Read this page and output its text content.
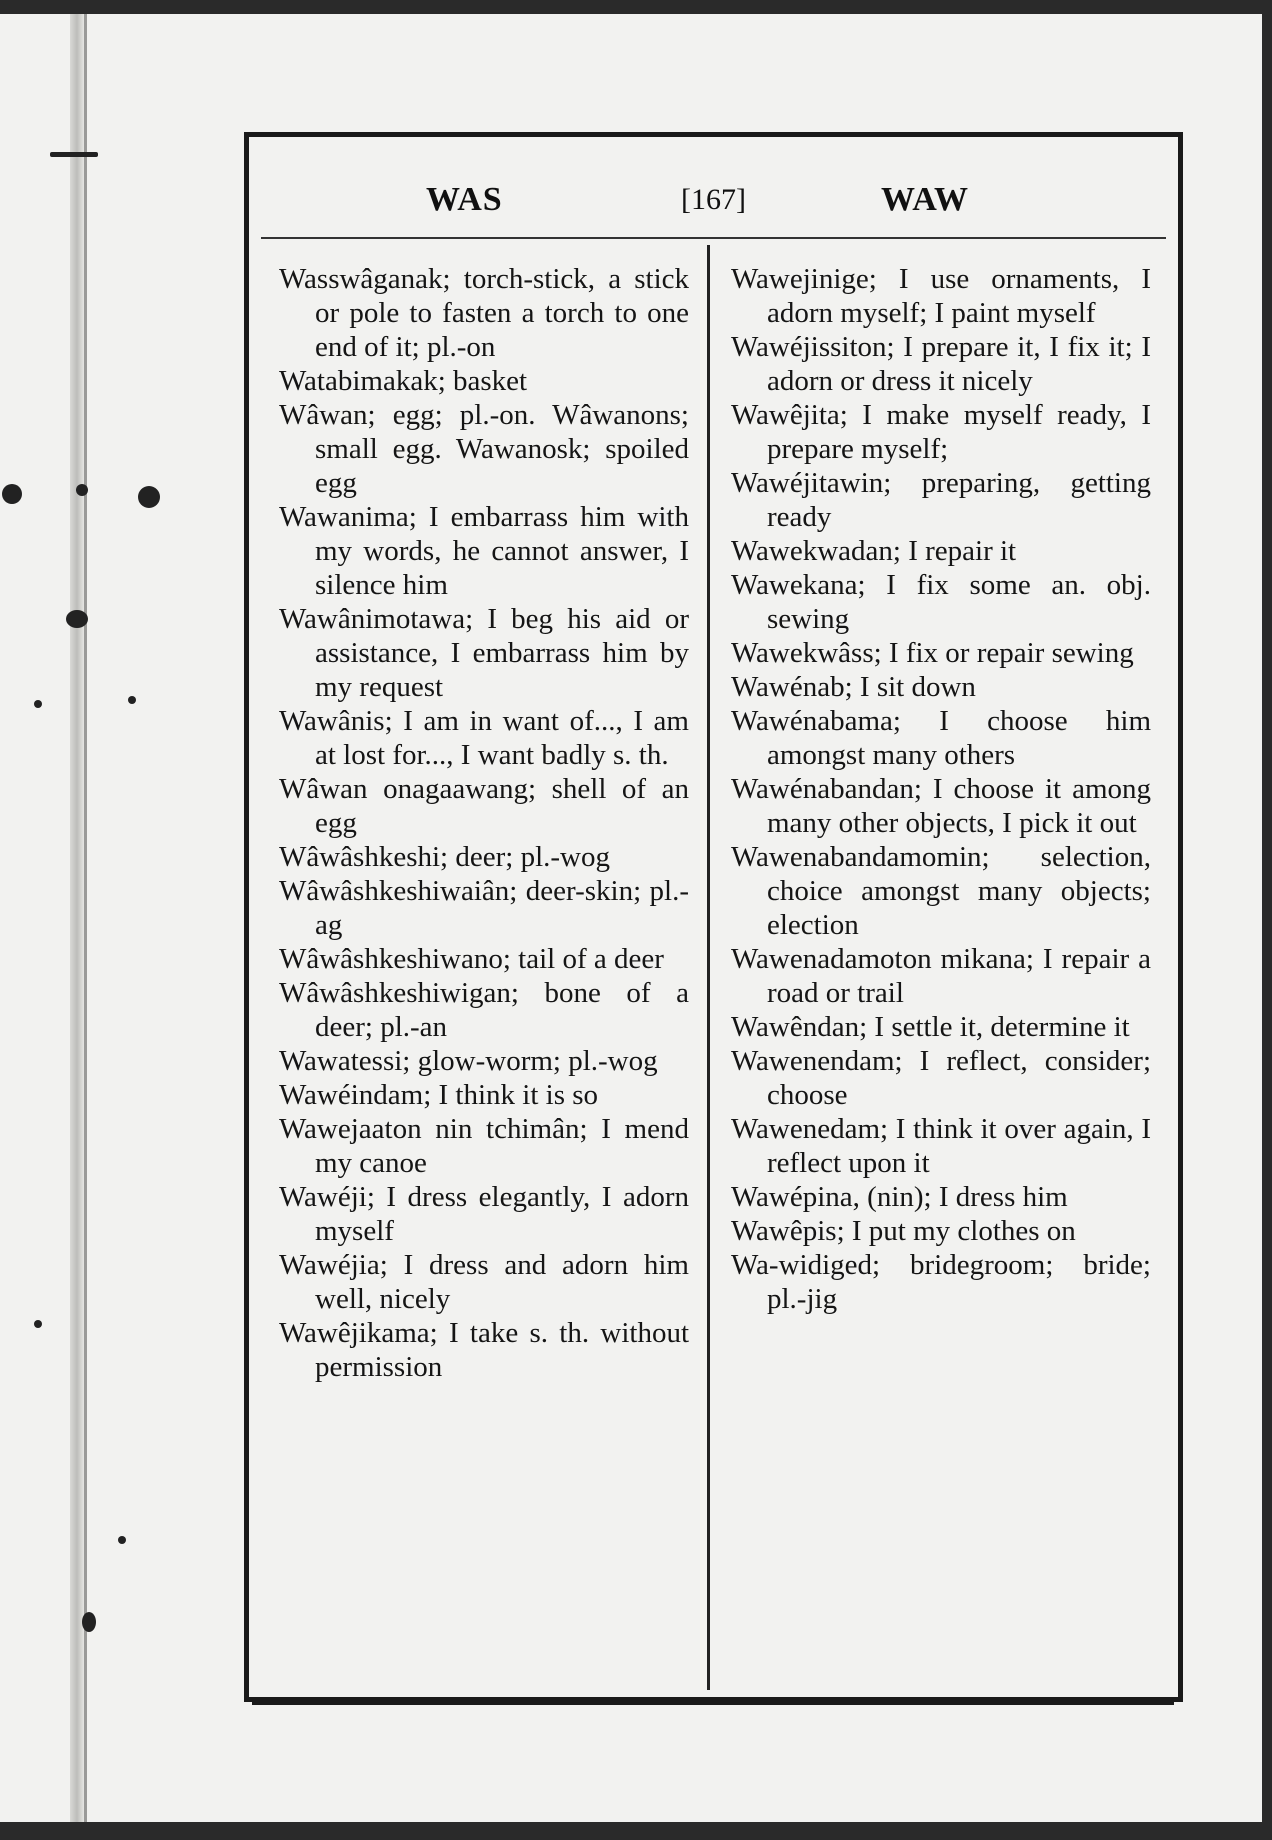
WAS	[167]	WAW

Wasswâganak; torch-stick, a stick or pole to fasten a torch to one end of it; pl.-on

Watabimakak; basket

Wâwan; egg; pl.-on. Wâwanons; small egg. Wawanosk; spoiled egg

Wawanima; I embarrass him with my words, he cannot answer, I silence him

Wawânimotawa; I beg his aid or assistance, I embarrass him by my request

Wawânis; I am in want of..., I am at lost for..., I want badly s. th.

Wâwan onagaawang; shell of an egg

Wâwâshkeshi; deer; pl.-wog

Wâwâshkeshiwaiân; deer-skin; pl.-ag

Wâwâshkeshiwano; tail of a deer

Wâwâshkeshiwigan; bone of a deer; pl.-an

Wawatessi; glow-worm; pl.-wog

Wawéindam; I think it is so

Wawejaaton nin tchimân; I mend my canoe

Wawéji; I dress elegantly, I adorn myself

Wawéjia; I dress and adorn him well, nicely

Wawêjikama; I take s. th. without permission

Wawejinige; I use ornaments, I adorn myself; I paint myself

Wawéjissiton; I prepare it, I fix it; I adorn or dress it nicely

Wawêjita; I make myself ready, I prepare myself;

Wawéjitawin; preparing, getting ready

Wawekwadan; I repair it

Wawekana; I fix some an. obj. sewing

Wawekwâss; I fix or repair sewing

Wawénab; I sit down

Wawénabama; I choose him amongst many others

Wawénabandan; I choose it among many other objects, I pick it out

Wawenabandamomin; selection, choice amongst many objects; election

Wawenadamoton mikana; I repair a road or trail

Wawêndan; I settle it, determine it

Wawenendam; I reflect, consider; choose

Wawenedam; I think it over again, I reflect upon it

Wawépina, (nin); I dress him

Wawêpis; I put my clothes on

Wa-widiged; bridegroom; bride; pl.-jig
